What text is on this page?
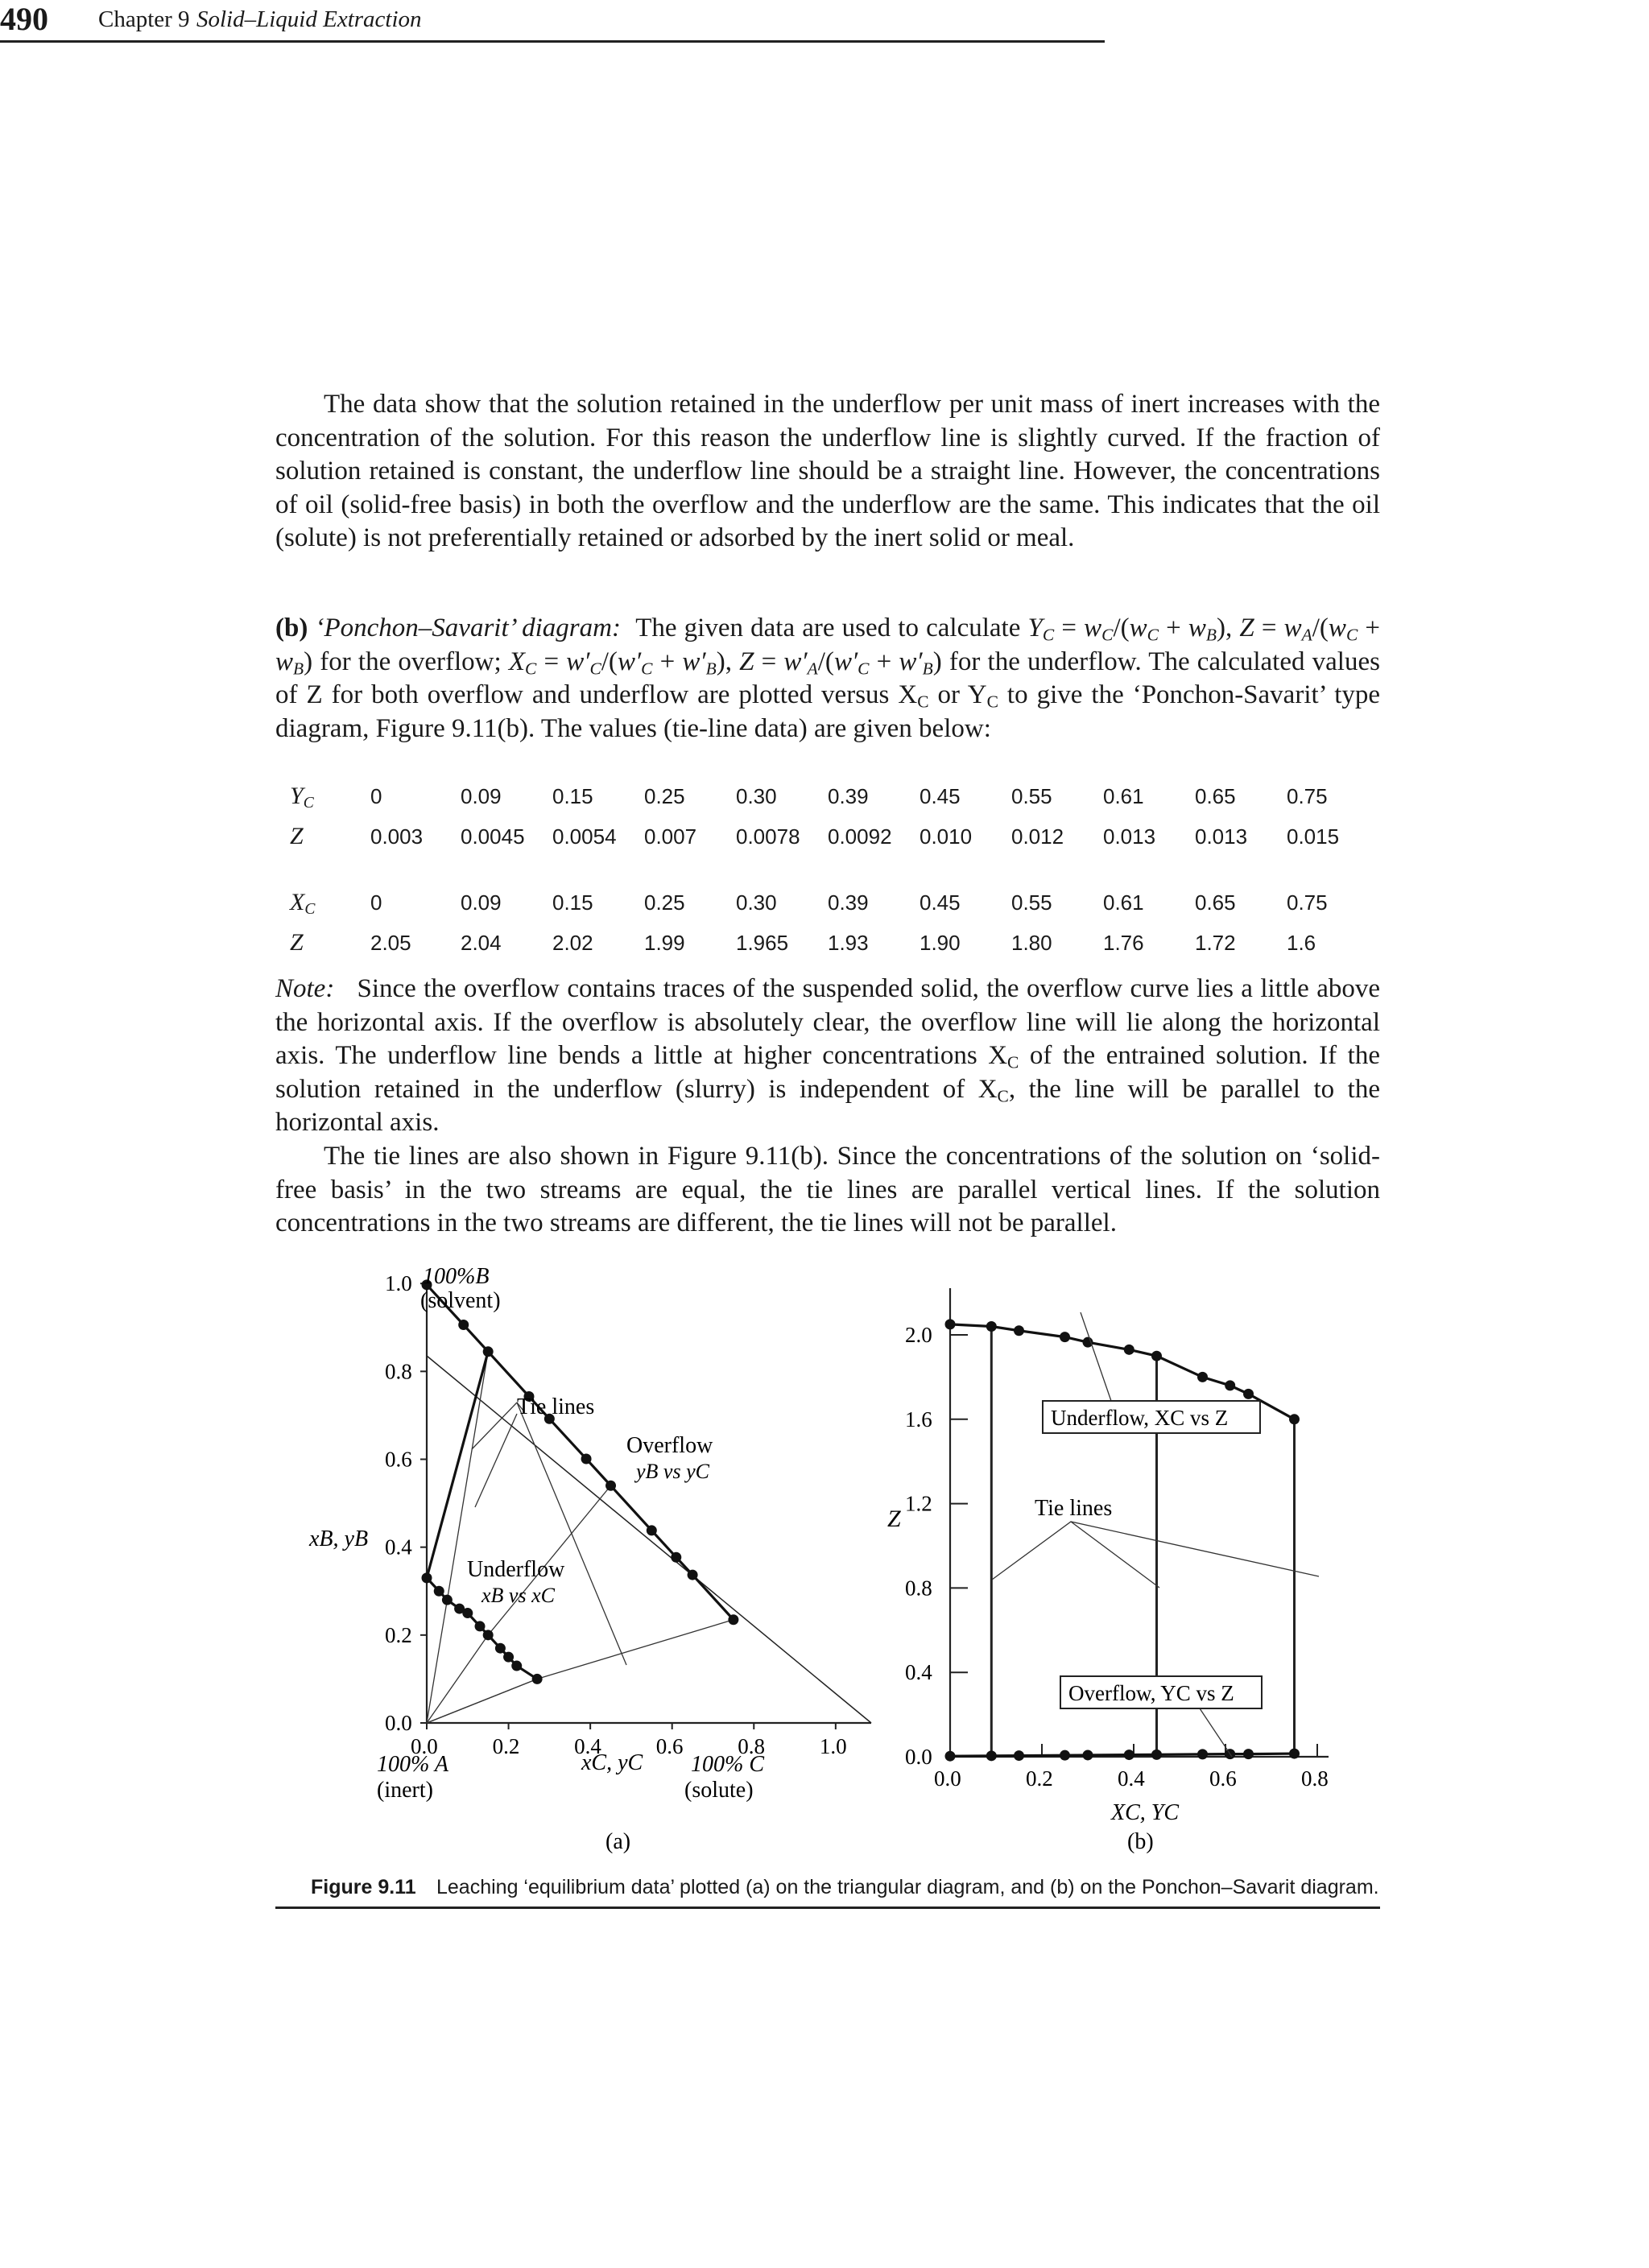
490 Chapter 9 Solid–Liquid Extraction

The data show that the solution retained in the underflow per unit mass of inert increases with the concentration of the solution. For this reason the underflow line is slightly curved. If the fraction of solution retained is constant, the underflow line should be a straight line. However, the concentrations of oil (solid-free basis) in both the overflow and the underflow are the same. This indicates that the oil (solute) is not preferentially retained or adsorbed by the inert solid or meal.

(b) ‘Ponchon–Savarit’ diagram: The given data are used to calculate $Y_C = w_C/(w_C + w_B)$, $Z = w_A/(w_C + w_B)$ for the overflow; $X_C = w'_C/(w'_C + w'_B)$, $Z = w'_A/(w'_C + w'_B)$ for the underflow. The calculated values of Z for both overflow and underflow are plotted versus $X_C$ or $Y_C$ to give the ‘Ponchon-Savarit’ type diagram, Figure 9.11(b). The values (tie-line data) are given below:

$Y_C$	0	0.09	0.15	0.25	0.30	0.39	0.45	0.55	0.61	0.65	0.75
Z	0.003	0.0045	0.0054	0.007	0.0078	0.0092	0.010	0.012	0.013	0.013	0.015

$X_C$	0	0.09	0.15	0.25	0.30	0.39	0.45	0.55	0.61	0.65	0.75
Z	2.05	2.04	2.02	1.99	1.965	1.93	1.90	1.80	1.76	1.72	1.6

Note: Since the overflow contains traces of the suspended solid, the overflow curve lies a little above the horizontal axis. If the overflow is absolutely clear, the overflow line will lie along the horizontal axis. The underflow line bends a little at higher concentrations $X_C$ of the entrained solution. If the solution retained in the underflow (slurry) is independent of $X_C$, the line will be parallel to the horizontal axis.

The tie lines are also shown in Figure 9.11(b). Since the concentrations of the solution on ‘solid-free basis’ in the two streams are equal, the tie lines are parallel vertical lines. If the solution concentrations in the two streams are different, the tie lines will not be parallel.

0.0
0.2
0.4
0.6
0.8
1.0
0.0	0.2	0.4	0.6	0.8	1.0
100%B
(solvent)
xB, yB
Tie lines
Overflow
yB vs yC
Underflow
xB vs xC
100% A
(inert)
100% C
(solute)
xC, yC
(a)
0.0
0.4
0.8
1.2
1.6
2.0
0.0	0.2	0.4	0.6	0.8
Underflow, XC vs Z
Overflow, YC vs Z
Tie lines
Z
XC, YC
(b)
Figure 9.11 Leaching ‘equilibrium data’ plotted (a) on the triangular diagram, and (b) on the Ponchon–Savarit diagram.
